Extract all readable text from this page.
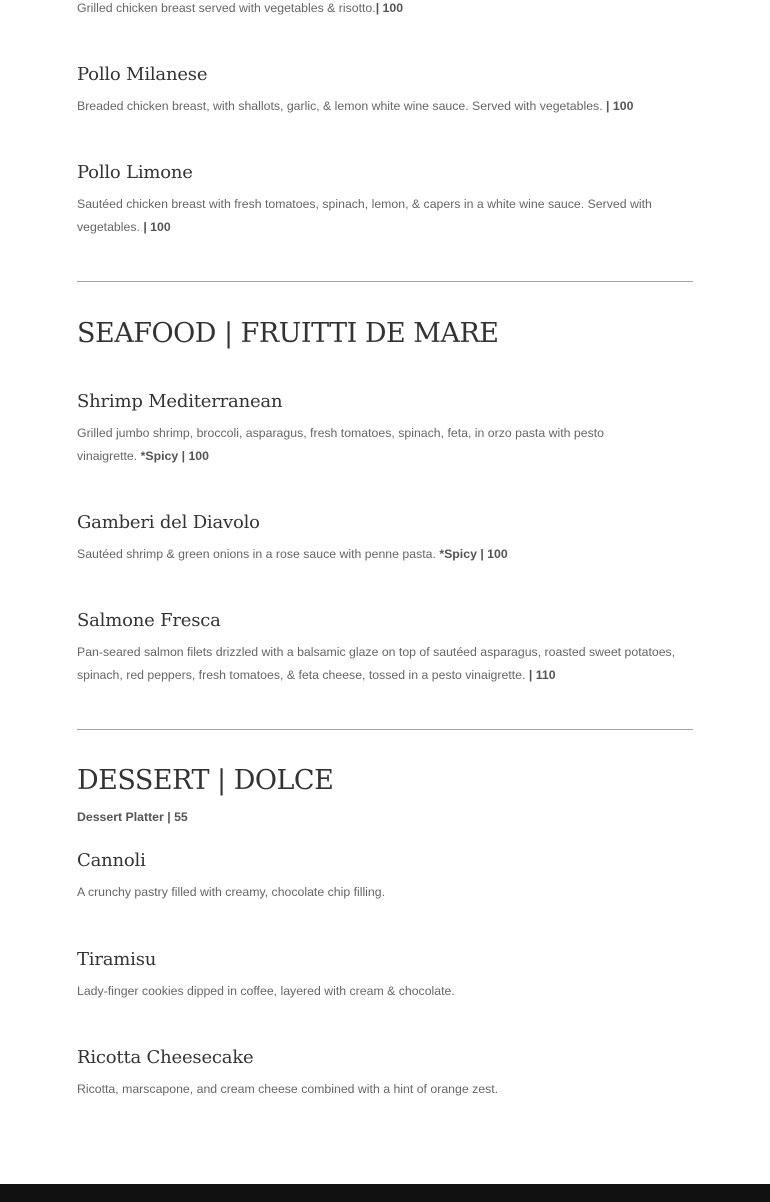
Grilled chicken breast served with vegetables & risotto.| 100

Pollo Milanese

Breaded chicken breast, with shallots, garlic, & lemon white wine sauce. Served with vegetables. | 100

Pollo Limone

Sautéed chicken breast with fresh tomatoes, spinach, lemon, & capers in a white wine sauce. Served with vegetables. | 100

SEAFOOD | FRUITTI DE MARE
Shrimp Mediterranean

Grilled jumbo shrimp, broccoli, asparagus, fresh tomatoes, spinach, feta, in orzo pasta with pesto vinaigrette. *Spicy | 100

Gamberi del Diavolo

Sautéed shrimp & green onions in a rose sauce with penne pasta. *Spicy | 100

Salmone Fresca

Pan-seared salmon filets drizzled with a balsamic glaze on top of sautéed asparagus, roasted sweet potatoes, spinach, red peppers, fresh tomatoes, & feta cheese, tossed in a pesto vinaigrette. | 110

DESSERT | DOLCE

Dessert Platter | 55

Cannoli

A crunchy pastry filled with creamy, chocolate chip filling.

Tiramisu

Lady-finger cookies dipped in coffee, layered with cream & chocolate.

Ricotta Cheesecake

Ricotta, marscapone, and cream cheese combined with a hint of orange zest.
